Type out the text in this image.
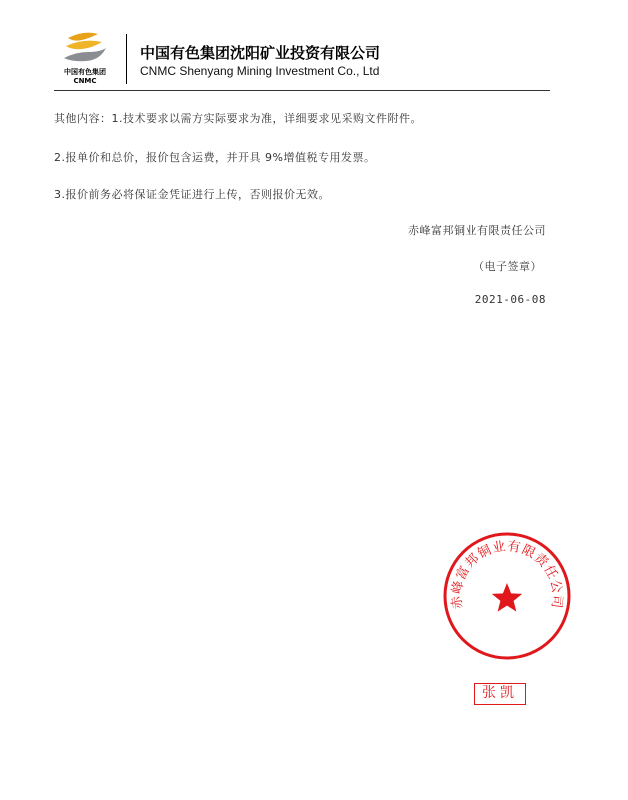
中国有色集团
CNMC
中国有色集团沈阳矿业投资有限公司
CNMC Shenyang Mining Investment Co., Ltd
其他内容：1.技术要求以需方实际要求为准，详细要求见采购文件附件。
2.报单价和总价，报价包含运费，并开具 9%增值税专用发票。
3.报价前务必将保证金凭证进行上传，否则报价无效。
赤峰富邦铜业有限责任公司
（电子签章）
2021-06-08
赤峰富邦铜业有限责任公司
张凯
